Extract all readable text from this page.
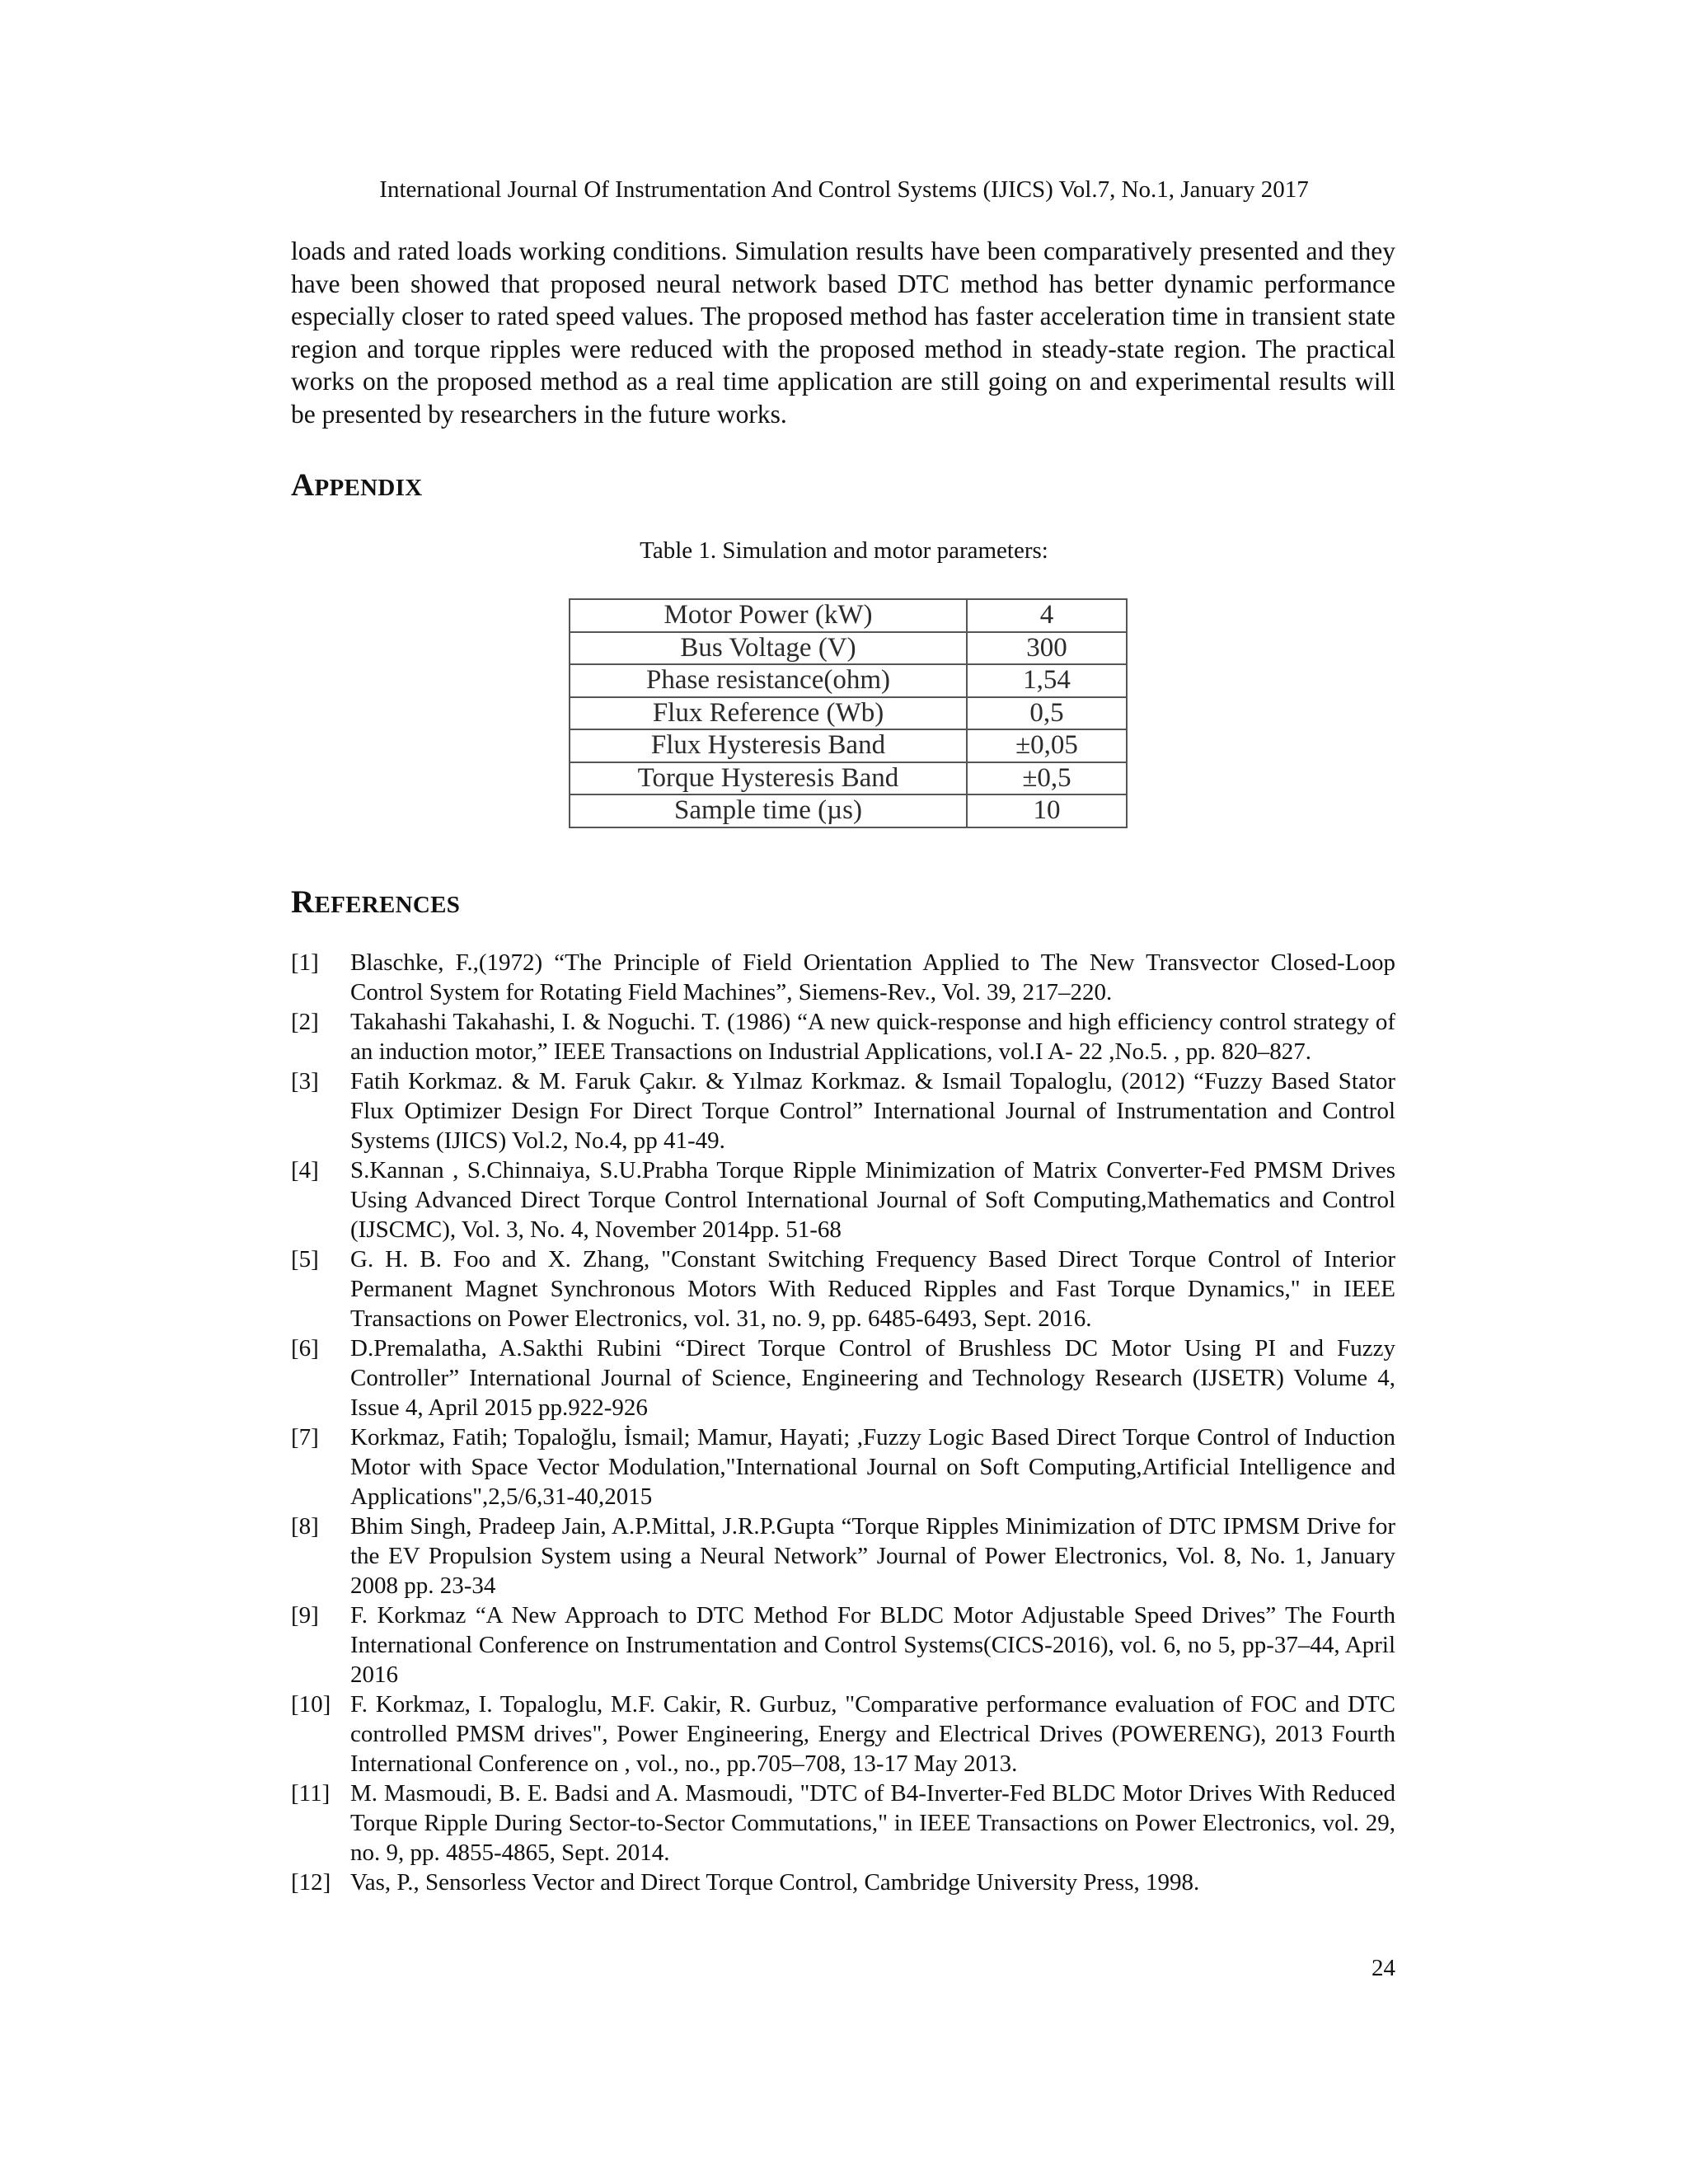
International Journal Of Instrumentation And Control Systems (IJICS) Vol.7, No.1, January 2017

loads and rated loads working conditions. Simulation results have been comparatively presented and they have been showed that proposed neural network based DTC method has better dynamic performance especially closer to rated speed values. The proposed method has faster acceleration time in transient state region and torque ripples were reduced with the proposed method in steady-state region. The practical works on the proposed method as a real time application are still going on and experimental results will be presented by researchers in the future works.

APPENDIX
Table 1. Simulation and motor parameters:
Motor Power (kW)	4
Bus Voltage (V)	300
Phase resistance(ohm)	1,54
Flux Reference (Wb)	0,5
Flux Hysteresis Band	±0,05
Torque Hysteresis Band	±0,5
Sample time (µs)	10
REFERENCES
[1] Blaschke, F.,(1972) “The Principle of Field Orientation Applied to The New Transvector Closed-Loop Control System for Rotating Field Machines”, Siemens-Rev., Vol. 39, 217–220.
[2] Takahashi Takahashi, I. & Noguchi. T. (1986) “A new quick-response and high efficiency control strategy of an induction motor,” IEEE Transactions on Industrial Applications, vol.I A- 22 ,No.5. , pp. 820–827.
[3] Fatih Korkmaz. & M. Faruk Çakır. & Yılmaz Korkmaz. & Ismail Topaloglu, (2012) “Fuzzy Based Stator Flux Optimizer Design For Direct Torque Control” International Journal of Instrumentation and Control Systems (IJICS) Vol.2, No.4, pp 41-49.
[4] S.Kannan , S.Chinnaiya, S.U.Prabha Torque Ripple Minimization of Matrix Converter-Fed PMSM Drives Using Advanced Direct Torque Control International Journal of Soft Computing,Mathematics and Control (IJSCMC), Vol. 3, No. 4, November 2014pp. 51-68
[5] G. H. B. Foo and X. Zhang, "Constant Switching Frequency Based Direct Torque Control of Interior Permanent Magnet Synchronous Motors With Reduced Ripples and Fast Torque Dynamics," in IEEE Transactions on Power Electronics, vol. 31, no. 9, pp. 6485-6493, Sept. 2016.
[6] D.Premalatha, A.Sakthi Rubini “Direct Torque Control of Brushless DC Motor Using PI and Fuzzy Controller” International Journal of Science, Engineering and Technology Research (IJSETR) Volume 4, Issue 4, April 2015 pp.922-926
[7] Korkmaz, Fatih; Topaloğlu, İsmail; Mamur, Hayati; ,Fuzzy Logic Based Direct Torque Control of Induction Motor with Space Vector Modulation,"International Journal on Soft Computing,Artificial Intelligence and Applications",2,5/6,31-40,2015
[8] Bhim Singh, Pradeep Jain, A.P.Mittal, J.R.P.Gupta “Torque Ripples Minimization of DTC IPMSM Drive for the EV Propulsion System using a Neural Network” Journal of Power Electronics, Vol. 8, No. 1, January 2008 pp. 23-34
[9] F. Korkmaz “A New Approach to DTC Method For BLDC Motor Adjustable Speed Drives” The Fourth International Conference on Instrumentation and Control Systems(CICS-2016), vol. 6, no 5, pp-37–44, April 2016
[10] F. Korkmaz, I. Topaloglu, M.F. Cakir, R. Gurbuz, "Comparative performance evaluation of FOC and DTC controlled PMSM drives", Power Engineering, Energy and Electrical Drives (POWERENG), 2013 Fourth International Conference on , vol., no., pp.705–708, 13-17 May 2013.
[11] M. Masmoudi, B. E. Badsi and A. Masmoudi, "DTC of B4-Inverter-Fed BLDC Motor Drives With Reduced Torque Ripple During Sector-to-Sector Commutations," in IEEE Transactions on Power Electronics, vol. 29, no. 9, pp. 4855-4865, Sept. 2014.
[12] Vas, P., Sensorless Vector and Direct Torque Control, Cambridge University Press, 1998.
24
